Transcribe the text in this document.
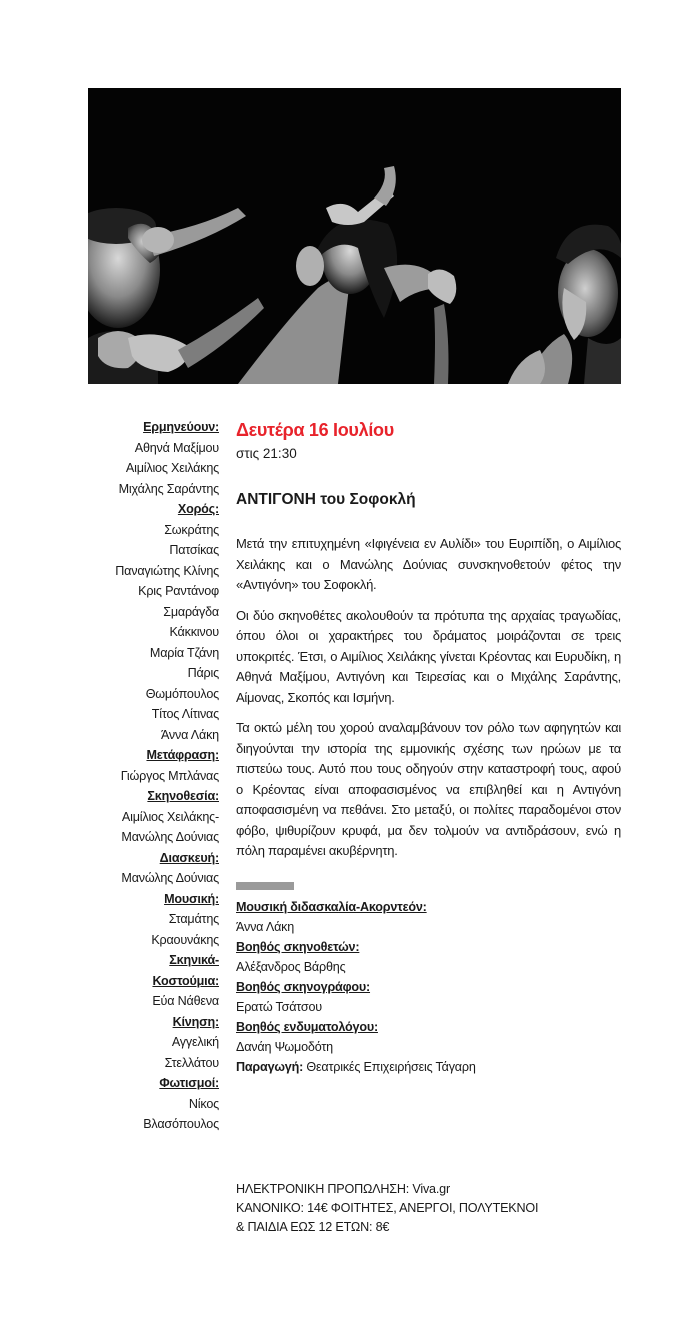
Ερμηνεύουν:
Αθηνά Μαξίμου
Αιμίλιος Χειλάκης
Μιχάλης Σαράντης
Χορός:
Σωκράτης
Πατσίκας
Παναγιώτης Κλίνης
Κρις Ραντάνοφ
Σμαράγδα
Κάκκινου
Μαρία Τζάνη
Πάρις
Θωμόπουλος
Τίτος Λίτινας
Άννα Λάκη
Μετάφραση:
Γιώργος Μπλάνας
Σκηνοθεσία:
Αιμίλιος Χειλάκης-
Μανώλης Δούνιας
Διασκευή:
Μανώλης Δούνιας
Μουσική:
Σταμάτης
Κραουνάκης
Σκηνικά-
Κοστούμια:
Εύα Νάθενα
Κίνηση:
Αγγελική
Στελλάτου
Φωτισμοί:
Νίκος
Βλασόπουλος
Δευτέρα 16 Ιουλίου
στις 21:30
ΑΝΤΙΓΟΝΗ του Σοφοκλή
Μετά την επιτυχημένη «Ιφιγένεια εν Αυλίδι» του Ευριπίδη, ο Αιμίλιος Χειλάκης και ο Μανώλης Δούνιας συνσκηνοθετούν φέτος την «Αντιγόνη» του Σοφοκλή.
Οι δύο σκηνοθέτες ακολουθούν τα πρότυπα της αρχαίας τραγωδίας, όπου όλοι οι χαρακτήρες του δράματος μοιράζονται σε τρεις υποκριτές. Έτσι, ο Αιμίλιος Χειλάκης γίνεται Κρέοντας και Ευρυδίκη, η Αθηνά Μαξίμου, Αντιγόνη και Τειρεσίας και ο Μιχάλης Σαράντης, Αίμονας, Σκοπός και Ισμήνη.
Τα οκτώ μέλη του χορού αναλαμβάνουν τον ρόλο των αφηγητών και διηγούνται την ιστορία της εμμονικής σχέσης των ηρώων με τα πιστεύω τους. Αυτό που τους οδηγούν στην καταστροφή τους, αφού ο Κρέοντας είναι αποφασισμένος να επιβληθεί και η Αντιγόνη αποφασισμένη να πεθάνει. Στο μεταξύ, οι πολίτες παραδομένοι στον φόβο, ψιθυρίζουν κρυφά, μα δεν τολμούν να αντιδράσουν, ενώ η πόλη παραμένει ακυβέρνητη.
Μουσική διδασκαλία-Ακορντεόν:
Άννα Λάκη
Βοηθός σκηνοθετών:
Αλέξανδρος Βάρθης
Βοηθός σκηνογράφου:
Ερατώ Τσάτσου
Βοηθός ενδυματολόγου:
Δανάη Ψωμοδότη
Παραγωγή: Θεατρικές Επιχειρήσεις Τάγαρη
ΗΛΕΚΤΡΟΝΙΚΗ ΠΡΟΠΩΛΗΣΗ: Viva.gr
ΚΑΝΟΝΙΚΟ: 14€ ΦΟΙΤΗΤΕΣ, ΑΝΕΡΓΟΙ, ΠΟΛΥΤΕΚΝΟΙ
& ΠΑΙΔΙΑ ΕΩΣ 12 ΕΤΩΝ: 8€
